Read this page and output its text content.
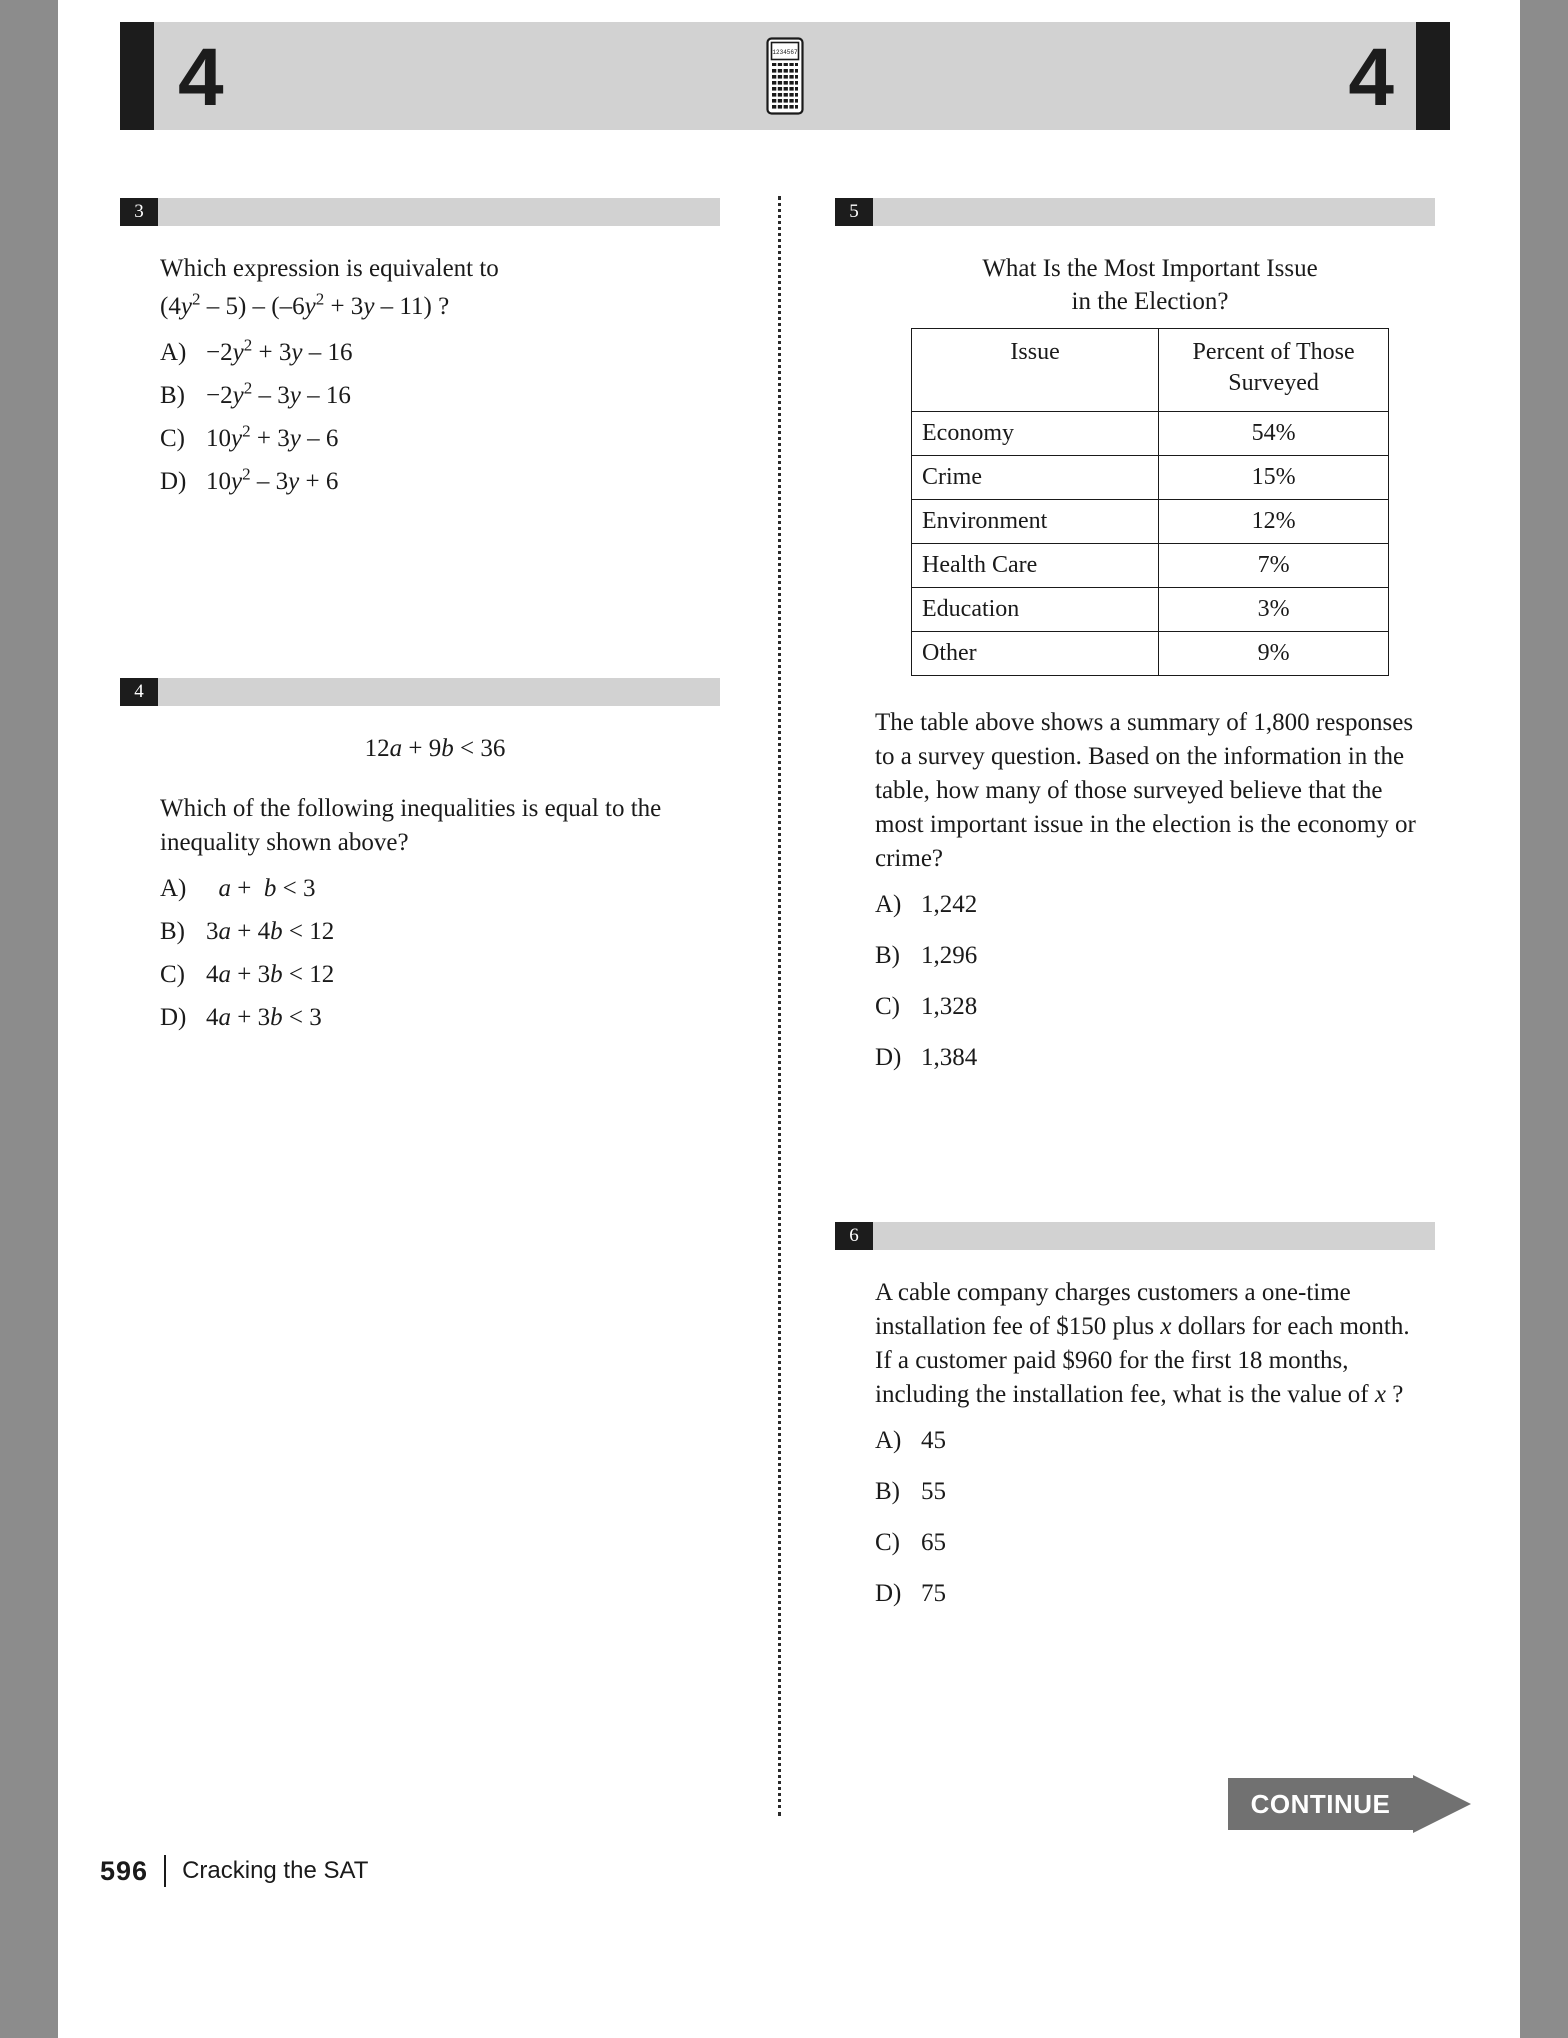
4	4
1234567
3

Which expression is equivalent to

$(4y^2 - 5) - (-6y^2 + 3y - 11)$ ?

$A) -2y^2 + 3y - 16$
$B) -2y^2 - 3y - 16$
C) $10y^2 + 3y - 6$
D) $10y^2 - 3y + 6$
4

12a + 9b < 36

Which of the following inequalities is equal to the inequality shown above?

A)	a +  b < 3
B) 3a + 4b < 12
C) 4a + 3b < 12
D) 4a + 3b < 3
5
What Is the Most Important Issue
in the Election?
Issue	Percent of Those Surveyed
Economy	54%
Crime	15%
Environment	12%
Health Care	7%
Education	3%
Other	9%

The table above shows a summary of 1,800 responses to a survey question. Based on the information in the table, how many of those surveyed believe that the most important issue in the election is the economy or crime?

A) 1,242
B) 1,296
C) 1,328
D) 1,384
6

A cable company charges customers a one-time installation fee of $150 plus x dollars for each month. If a customer paid $960 for the first 18 months, including the installation fee, what is the value of x ?

A) 45
B) 55
C) 65
D) 75
CONTINUE
596 Cracking the SAT
